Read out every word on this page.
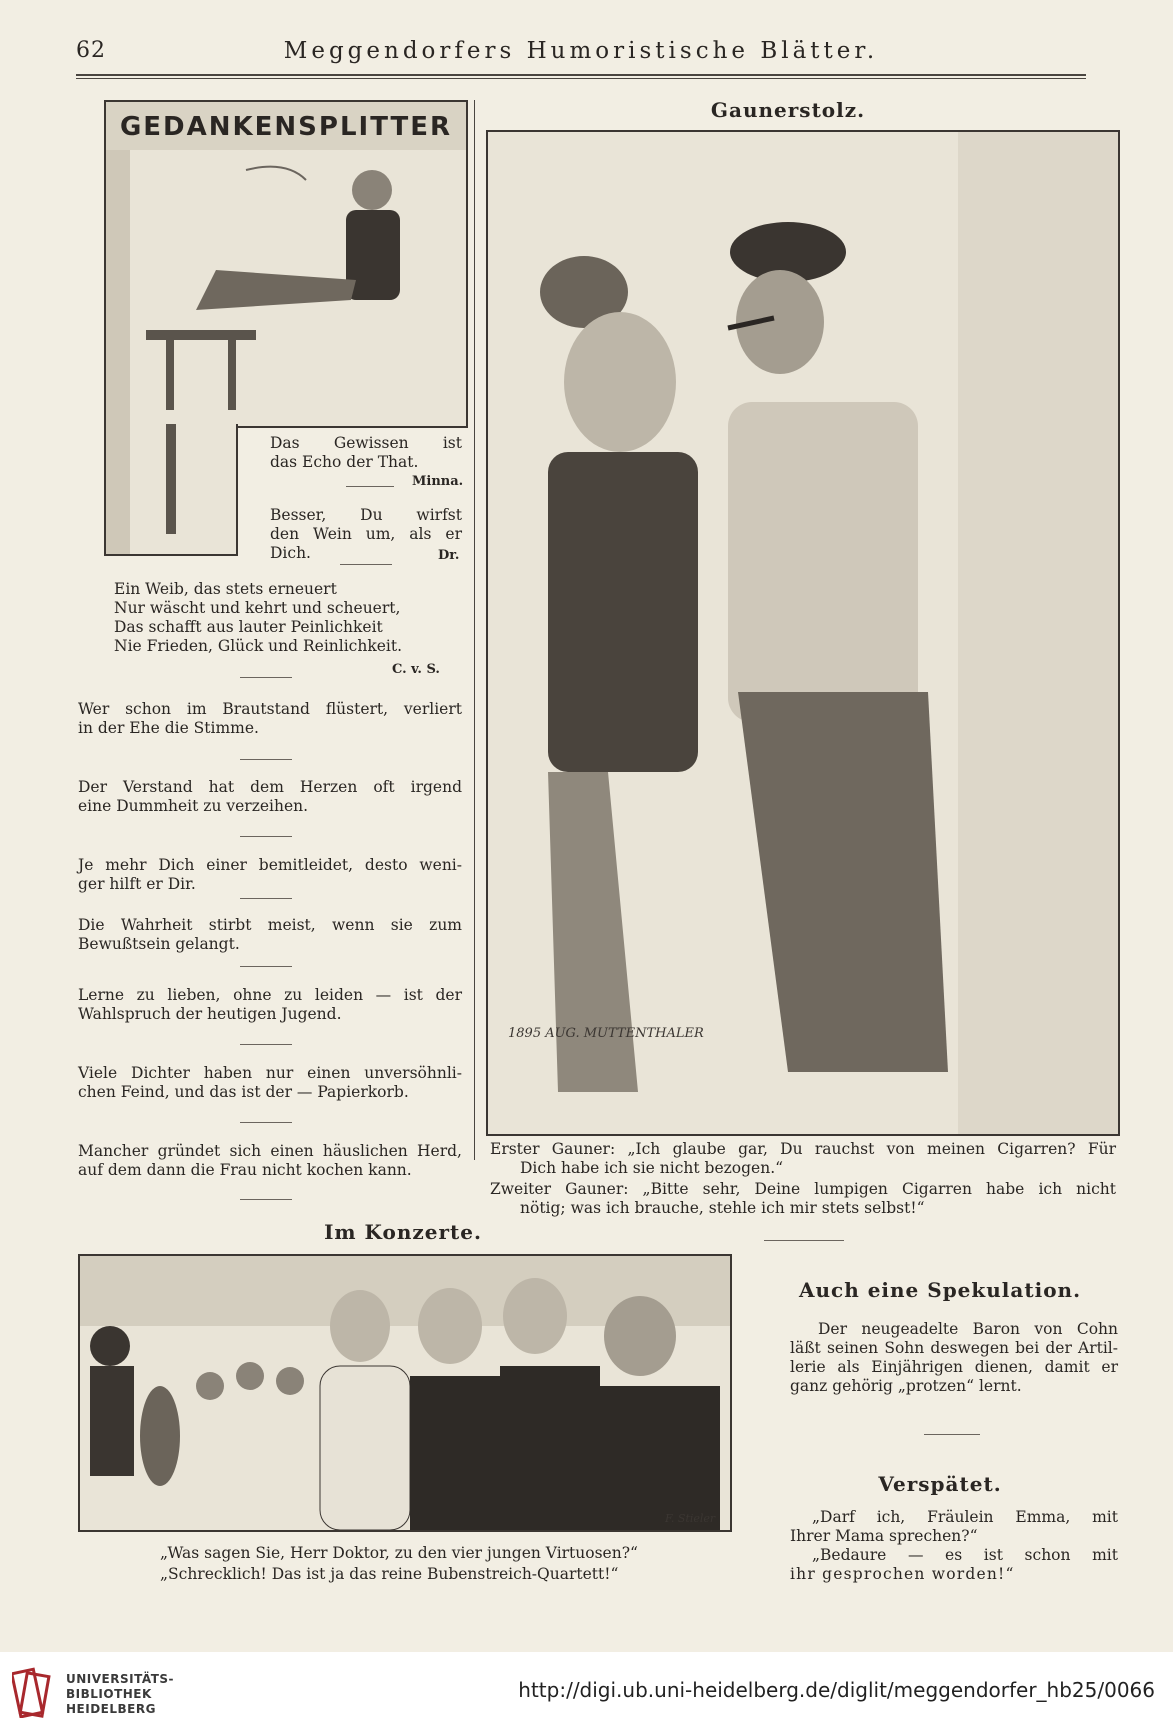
62	Meggendorfers Humoristische Blätter.
GEDANKENSPLITTER
Das Gewissen ist
das Echo der That.
Minna.
Besser, Du wirfst
den Wein um, als er
Dich.	Dr.
Ein Weib, das stets erneuert
Nur wäscht und kehrt und scheuert,
Das schafft aus lauter Peinlichkeit
Nie Frieden, Glück und Reinlichkeit.
C. v. S.
Wer schon im Brautstand flüstert, verliert
in der Ehe die Stimme.
Der Verstand hat dem Herzen oft irgend
eine Dummheit zu verzeihen.
Je mehr Dich einer bemitleidet, desto weni-
ger hilft er Dir.
Die Wahrheit stirbt meist, wenn sie zum
Bewußtsein gelangt.
Lerne zu lieben, ohne zu leiden — ist der
Wahlspruch der heutigen Jugend.
Viele Dichter haben nur einen unversöhnli-
chen Feind, und das ist der — Papierkorb.
Mancher gründet sich einen häuslichen Herd,
auf dem dann die Frau nicht kochen kann.
Gaunerstolz.
1895 AUG. MUTTENTHALER
Erster Gauner: „Ich glaube gar, Du rauchst von meinen Cigarren? Für
Dich habe ich sie nicht bezogen.“
Zweiter Gauner: „Bitte sehr, Deine lumpigen Cigarren habe ich nicht
nötig; was ich brauche, stehle ich mir stets selbst!“
Im Konzerte.
F. Stieler
„Was sagen Sie, Herr Doktor, zu den vier jungen Virtuosen?“
„Schrecklich! Das ist ja das reine Bubenstreich-Quartett!“
Auch eine Spekulation.
Der neugeadelte Baron von Cohn
läßt seinen Sohn deswegen bei der Artil-
lerie als Einjährigen dienen, damit er
ganz gehörig „protzen“ lernt.
Verspätet.
„Darf ich, Fräulein Emma, mit
Ihrer Mama sprechen?“
„Bedaure — es ist schon mit
ihr gesprochen worden!“
UNIVERSITÄTS-
BIBLIOTHEK
HEIDELBERG
http://digi.ub.uni-heidelberg.de/diglit/meggendorfer_hb25/0066
